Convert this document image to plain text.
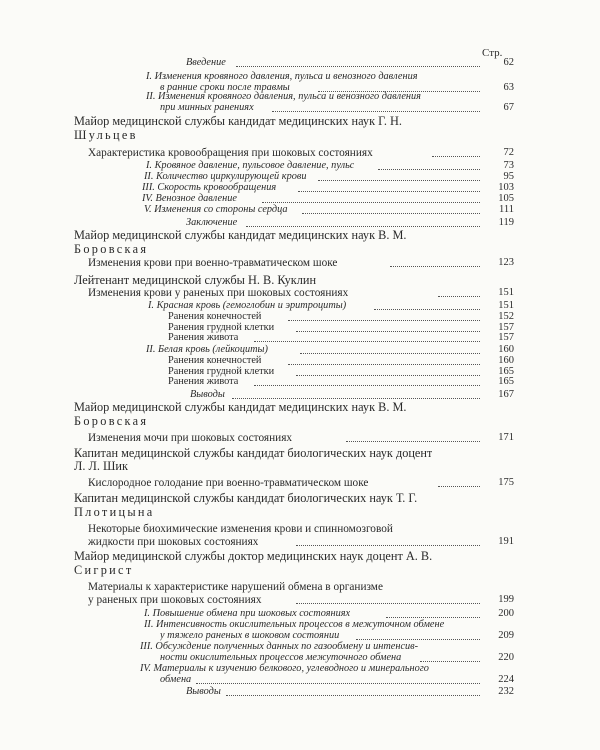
Стр.
Введение	62
I. Изменения кровяного давления, пульса и венозного давления
в ранние сроки после травмы	63
II. Изменения кровяного давления, пульса и венозного давления
при минных ранениях	67
Майор медицинской службы кандидат медицинских наук Г. Н.
Шульцев
Характеристика кровообращения при шоковых состояниях	72
I. Кровяное давление, пульсовое давление, пульс	73
II. Количество циркулирующей крови	95
III. Скорость кровообращения	103
IV. Венозное давление	105
V. Изменения со стороны сердца	111
Заключение	119
Майор медицинской службы кандидат медицинских наук В. М.
Боровская
Изменения крови при военно-травматическом шоке	123
Лейтенант медицинской службы Н. В. Куклин
Изменения крови у раненых при шоковых состояниях	151
I. Красная кровь (гемоглобин и эритроциты)	151
Ранения конечностей	152
Ранения грудной клетки	157
Ранения живота	157
II. Белая кровь (лейкоциты)	160
Ранения конечностей	160
Ранения грудной клетки	165
Ранения живота	165
Выводы	167
Майор медицинской службы кандидат медицинских наук В. М.
Боровская
Изменения мочи при шоковых состояниях	171
Капитан медицинской службы кандидат биологических наук доцент
Л. Л. Шик
Кислородное голодание при военно-травматическом шоке	175
Капитан медицинской службы кандидат биологических наук Т. Г.
Плотицына
Некоторые биохимические изменения крови и спинномозговой
жидкости при шоковых состояниях	191
Майор медицинской службы доктор медицинских наук доцент А. В.
Сигрист
Материалы к характеристике нарушений обмена в организме
у раненых при шоковых состояниях	199
I. Повышение обмена при шоковых состояниях	200
II. Интенсивность окислительных процессов в межуточном обмене
у тяжело раненых в шоковом состоянии	209
III. Обсуждение полученных данных по газообмену и интенсив-
ности окислительных процессов межуточного обмена	220
IV. Материалы к изучению белкового, углеводного и минерального
обмена	224
Выводы	232
